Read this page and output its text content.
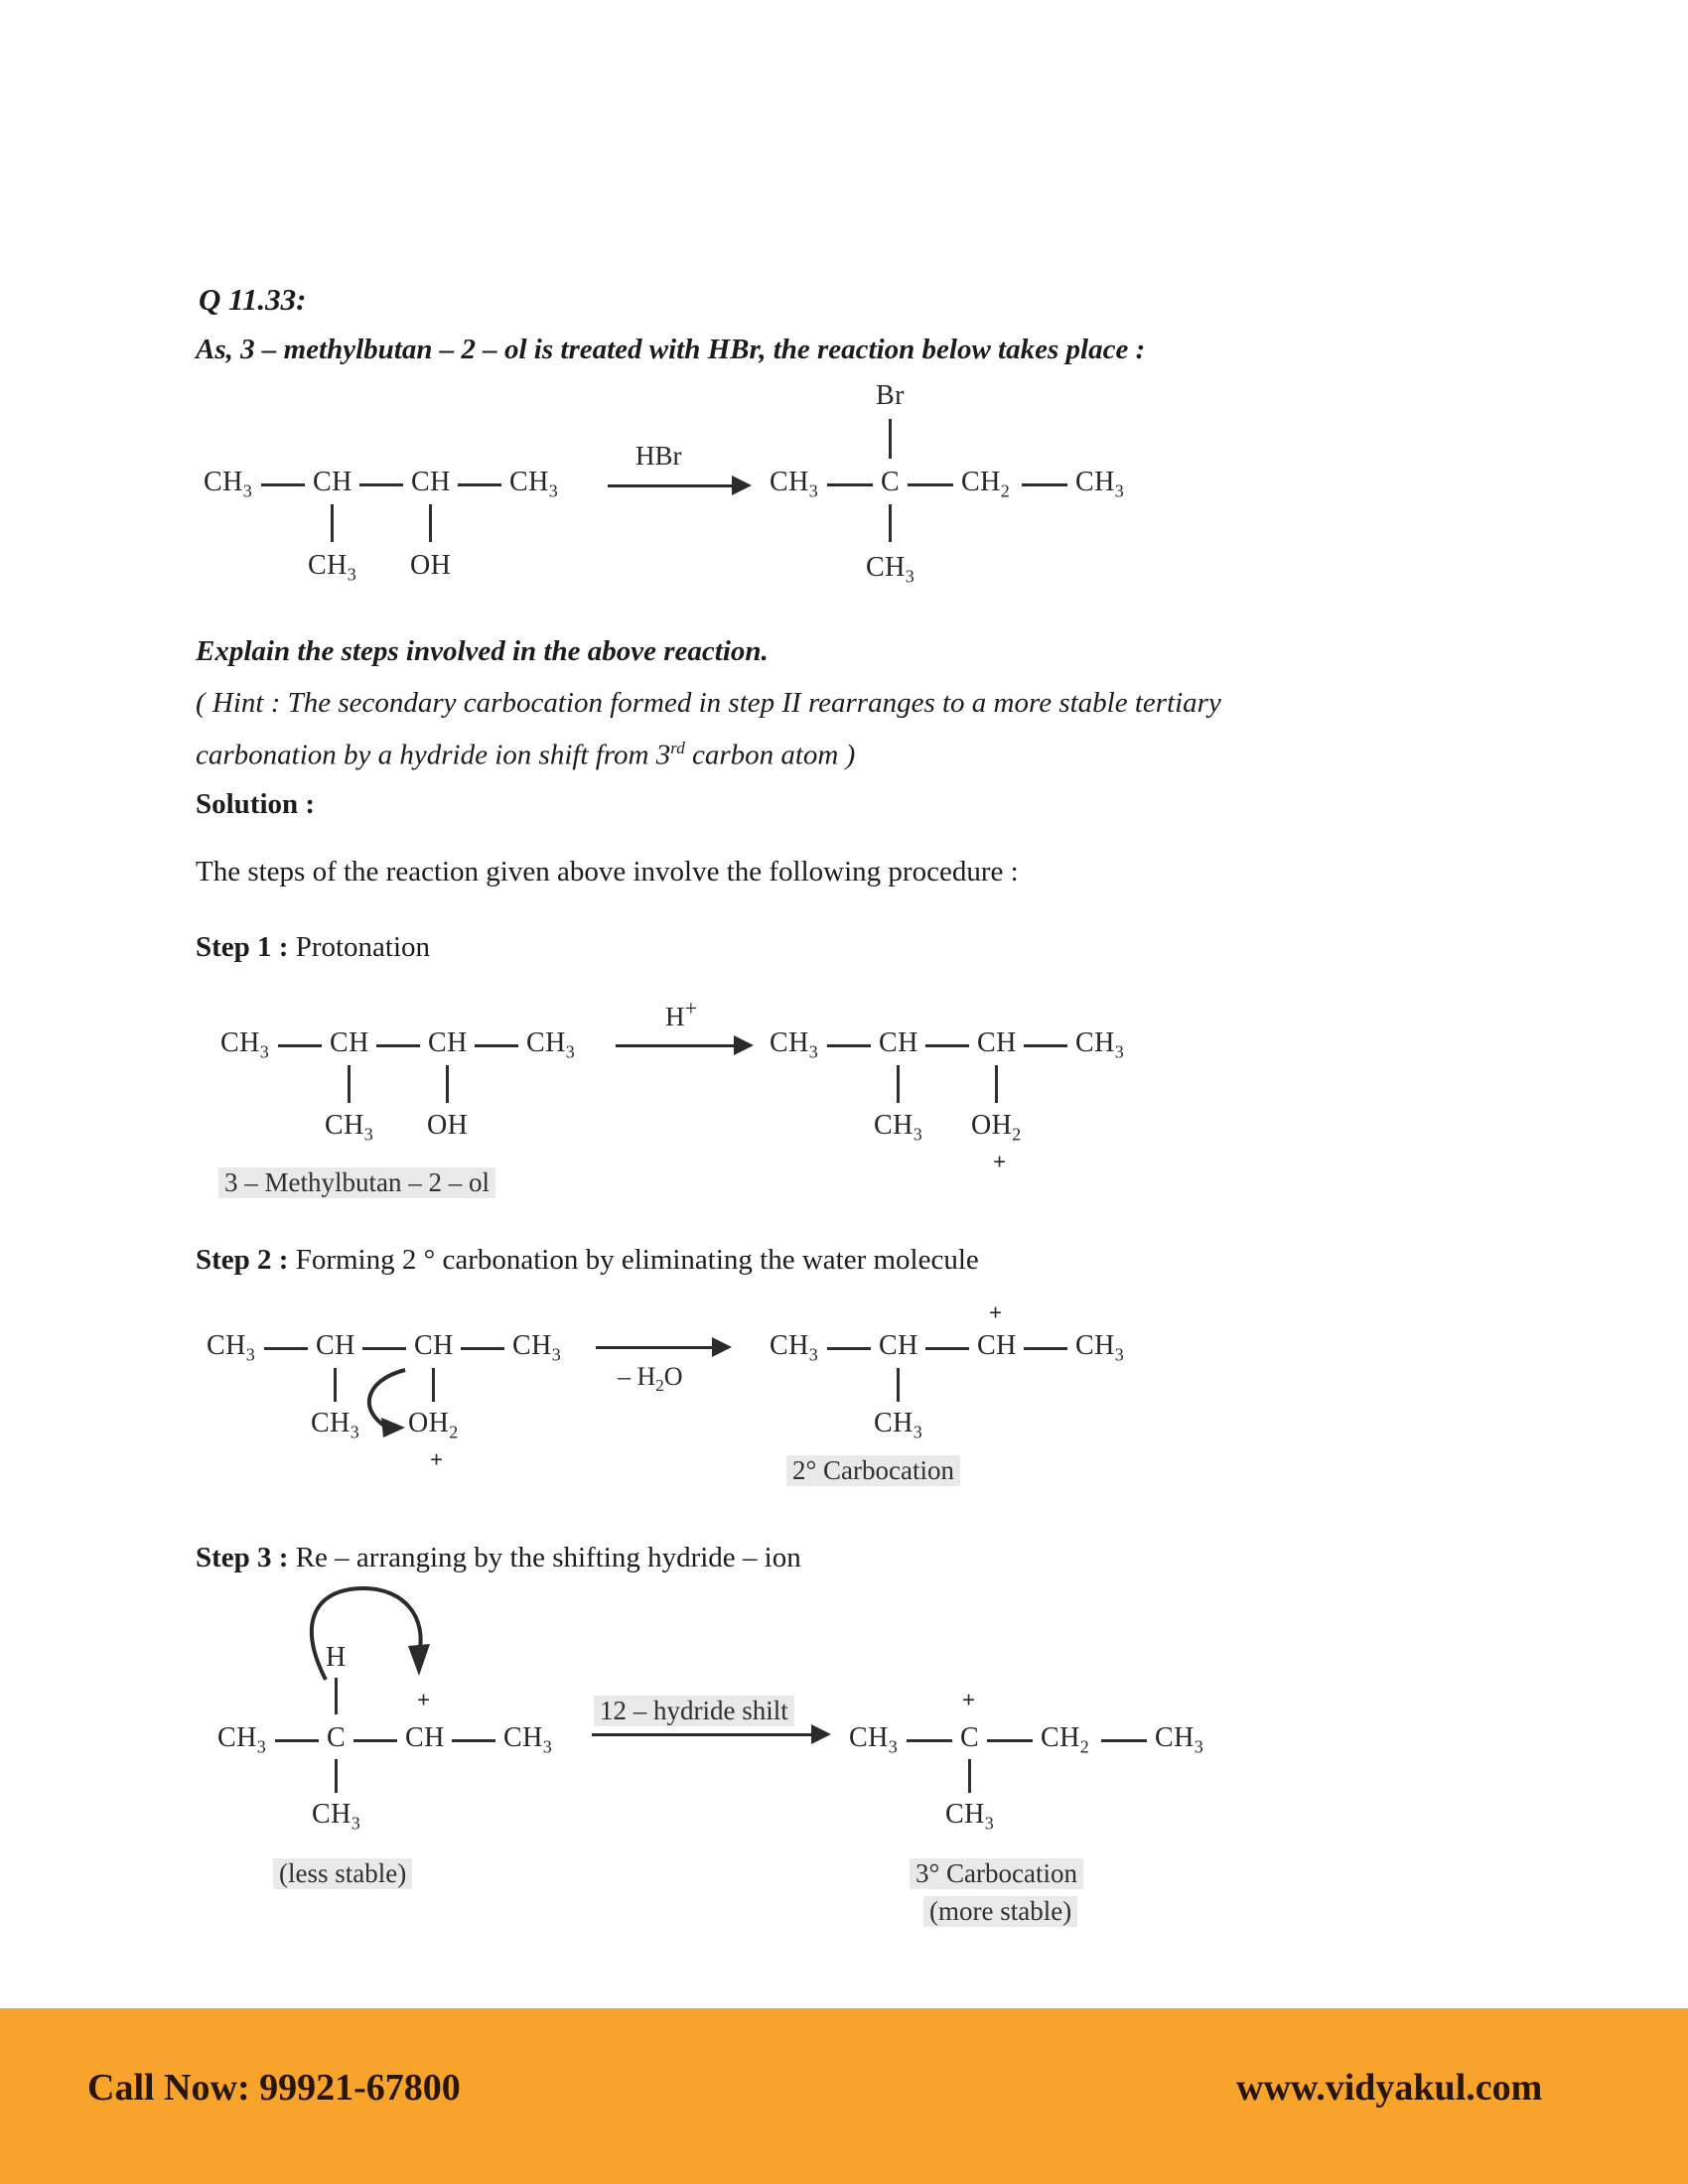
Q 11.33:
As, 3 – methylbutan – 2 – ol is treated with HBr, the reaction below takes place :
$CH_3$ CH CH $CH_3$
$CH_3$ OH
HBr
Br
$CH_3$ C $CH_2$ $CH_3$
$CH_3$
Explain the steps involved in the above reaction.
( Hint : The secondary carbocation formed in step II rearranges to a more stable tertiary
carbonation by a hydride ion shift from 3rd carbon atom )
Solution :
The steps of the reaction given above involve the following procedure :
Step 1 : Protonation
$CH_3$ CH CH $CH_3$
$CH_3$ OH
H+
$CH_3$ CH CH $CH_3$
$CH_3$ $OH_2$
+
3 – Methylbutan – 2 – ol
Step 2 : Forming 2 ° carbonation by eliminating the water molecule
$CH_3$ CH CH $CH_3$
$CH_3$ $OH_2$
+
– $H_2O$
+
$CH_3$ CH CH $CH_3$
$CH_3$
2° Carbocation
Step 3 : Re – arranging by the shifting hydride – ion
H
+
$CH_3$ C CH $CH_3$
$CH_3$
(less stable)
12 – hydride shilt	+
$CH_3$ C $CH_2$ $CH_3$
$CH_3$
3° Carbocation
(more stable)
Call Now: 99921-67800	www.vidyakul.com
